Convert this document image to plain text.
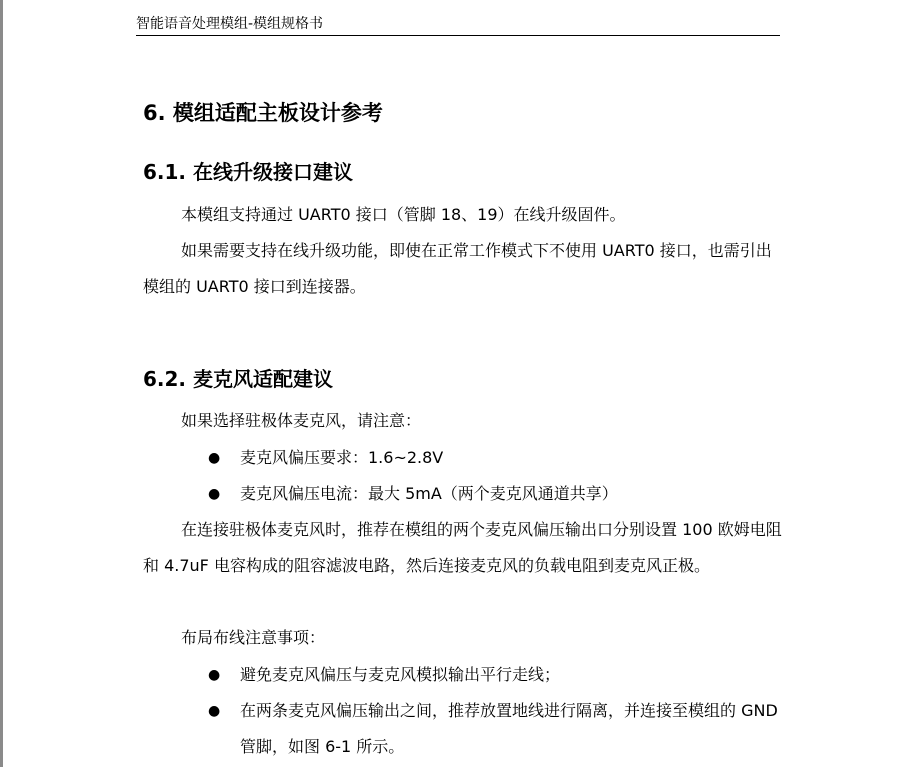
智能语音处理模组-模组规格书
6. 模组适配主板设计参考
6.1. 在线升级接口建议

本模组支持通过 UART0 接口（管脚 18、19）在线升级固件。

如果需要支持在线升级功能，即使在正常工作模式下不使用 UART0 接口，也需引出模组的 UART0 接口到连接器。

6.2. 麦克风适配建议

如果选择驻极体麦克风，请注意：

●	麦克风偏压要求：1.6~2.8V
●	麦克风偏压电流：最大 5mA（两个麦克风通道共享）

在连接驻极体麦克风时，推荐在模组的两个麦克风偏压输出口分别设置 100 欧姆电阻和 4.7uF 电容构成的阻容滤波电路，然后连接麦克风的负载电阻到麦克风正极。

布局布线注意事项：

●	避免麦克风偏压与麦克风模拟输出平行走线；
●	在两条麦克风偏压输出之间，推荐放置地线进行隔离，并连接至模组的 GND 管脚，如图 6-1 所示。
